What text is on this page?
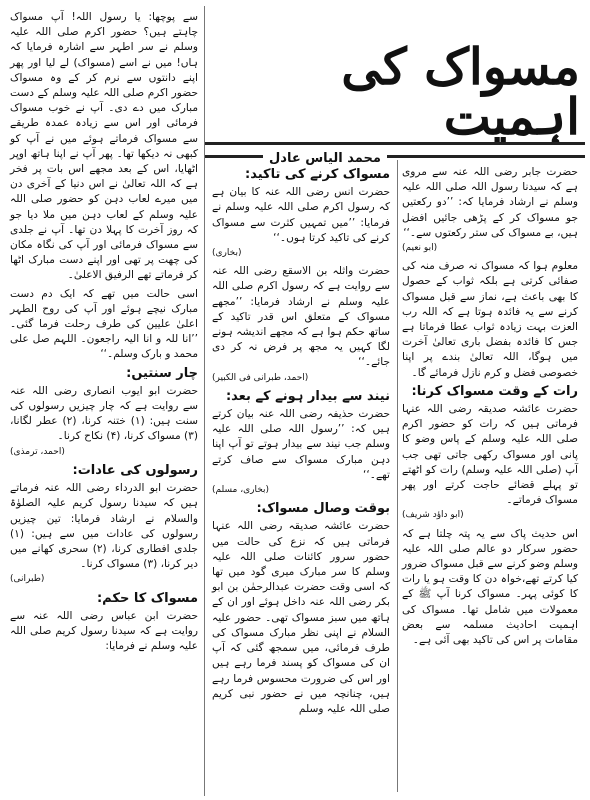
مسواک کی اہمیت
محمد الیاس عادل

حضرت جابر رضی اللہ عنہ سے مروی ہے کہ سیدنا رسول اللہ صلی اللہ علیہ وسلم نے ارشاد فرمایا کہ: ’’دو رکعتیں جو مسواک کر کے پڑھی جائیں افضل ہیں، بے مسواک کی ستر رکعتوں سے۔‘‘
(ابو نعیم)

معلوم ہوا کہ مسواک نہ صرف منہ کی صفائی کرتی ہے بلکہ ثواب کے حصول کا بھی باعث ہے، نماز سے قبل مسواک کرنے سے یہ فائدہ ہوتا ہے کہ اللہ رب العزت بہت زیادہ ثواب عطا فرماتا ہے جس کا فائدہ بفضل باری تعالیٰ آخرت میں ہوگا، اللہ تعالیٰ بندے پر اپنا خصوصی فضل و کرم نازل فرمائے گا۔

رات کے وقت مسواک کرنا:

حضرت عائشہ صدیقہ رضی اللہ عنہا فرماتی ہیں کہ رات کو حضور اکرم صلی اللہ علیہ وسلم کے پاس وضو کا پانی اور مسواک رکھی جاتی تھی جب آپ (صلی اللہ علیہ وسلم) رات کو اٹھتے تو پہلے قضائے حاجت کرتے اور پھر مسواک فرماتے۔
(ابو داؤد شریف)

اس حدیث پاک سے یہ پتہ چلتا ہے کہ حضور سرکار دو عالم صلی اللہ علیہ وسلم وضو کرنے سے قبل مسواک ضرور کیا کرتے تھے،خواہ دن کا وقت ہو یا رات کا کوئی پہر۔ مسواک کرنا آپ ﷺ کے معمولات میں شامل تھا۔ مسواک کی اہمیت احادیث مسلمہ سے بعض مقامات پر اس کی تاکید بھی آئی ہے۔

مسواک کرنے کی تاکید:

حضرت انس رضی اللہ عنہ کا بیان ہے کہ رسول اکرم صلی اللہ علیہ وسلم نے فرمایا: ’’میں تمہیں کثرت سے مسواک کرنے کی تاکید کرتا ہوں۔‘‘
(بخاری)

حضرت واثلہ بن الاسقع رضی اللہ عنہ سے روایت ہے کہ رسول اکرم صلی اللہ علیہ وسلم نے ارشاد فرمایا: ’’مجھے مسواک کے متعلق اس قدر تاکید کے ساتھ حکم ہوا ہے کہ مجھے اندیشہ ہونے لگا کہیں یہ مجھ پر فرض نہ کر دی جائے۔‘‘
(احمد، طبرانی فی الکبیر)

نیند سے بیدار ہونے کے بعد:

حضرت حذیفہ رضی اللہ عنہ بیان کرتے ہیں کہ: ’’رسول اللہ صلی اللہ علیہ وسلم جب نیند سے بیدار ہوتے تو آپ اپنا دہن مبارک مسواک سے صاف کرتے تھے۔‘‘
(بخاری، مسلم)

بوقت وصال مسواک:

حضرت عائشہ صدیقہ رضی اللہ عنہا فرماتی ہیں کہ نزع کی حالت میں حضور سرور کائنات صلی اللہ علیہ وسلم کا سر مبارک میری گود میں تھا کہ اسی وقت حضرت عبدالرحمٰن بن ابو بکر رضی اللہ عنہ داخل ہوئے اور ان کے ہاتھ میں سبز مسواک تھی۔ حضور علیہ السلام نے اپنی نظر مبارک مسواک کی طرف فرمائی، میں سمجھ گئی کہ آپ ان کی مسواک کو پسند فرما رہے ہیں اور اس کی ضرورت محسوس فرما رہے ہیں، چنانچہ میں نے حضور نبی کریم صلی اللہ علیہ وسلم

سے پوچھا: یا رسول اللہ! آپ مسواک چاہتے ہیں؟ حضور اکرم صلی اللہ علیہ وسلم نے سر اطہر سے اشارہ فرمایا کہ ہاں! میں نے اسے (مسواک) لے لیا اور پھر اپنے دانتوں سے نرم کر کے وہ مسواک حضور اکرم صلی اللہ علیہ وسلم کے دست مبارک میں دے دی۔ آپ نے خوب مسواک فرمائی اور اس سے زیادہ عمدہ طریقے سے مسواک فرماتے ہوئے میں نے آپ کو کبھی نہ دیکھا تھا۔ پھر آپ نے اپنا ہاتھ اوپر اٹھایا، اس کے بعد مجھے اس بات پر فخر ہے کہ اللہ تعالیٰ نے اس دنیا کے آخری دن میں میرے لعاب دہن کو حضور صلی اللہ علیہ وسلم کے لعاب دہن میں ملا دیا جو کہ روز آخرت کا پہلا دن تھا۔ آپ نے جلدی سے مسواک فرمائی اور آپ کی نگاہ مکان کی چھت پر تھی اور اپنے دست مبارک اٹھا کر فرماتے تھے الرفیق الاعلیٰ۔

اسی حالت میں تھے کہ ایک دم دست مبارک نیچے ہوئے اور آپ کی روح الطہر اعلیٰ علیین کی طرف رحلت فرما گئی۔ ’’انا للہ و انا الیہ راجعون۔ اللہم صل علی محمد و بارک وسلم۔‘‘

چار سنتیں:

حضرت ابو ایوب انصاری رضی اللہ عنہ سے روایت ہے کہ چار چیزیں رسولوں کی سنت ہیں: (۱) ختنہ کرنا، (۲) عطر لگانا، (۳) مسواک کرنا، (۴) نکاح کرنا۔
(احمد، ترمذی)

رسولوں کی عادات:

حضرت ابو الدرداء رضی اللہ عنہ فرماتے ہیں کہ سیدنا رسول کریم علیہ الصلوٰۃ والسلام نے ارشاد فرمایا: تین چیزیں رسولوں کی عادات میں سے ہیں: (۱) جلدی افطاری کرنا، (۲) سحری کھانے میں دیر کرنا، (۳) مسواک کرنا۔
(طبرانی)

مسواک کا حکم:

حضرت ابن عباس رضی اللہ عنہ سے روایت ہے کہ سیدنا رسول کریم صلی اللہ علیہ وسلم نے فرمایا:
